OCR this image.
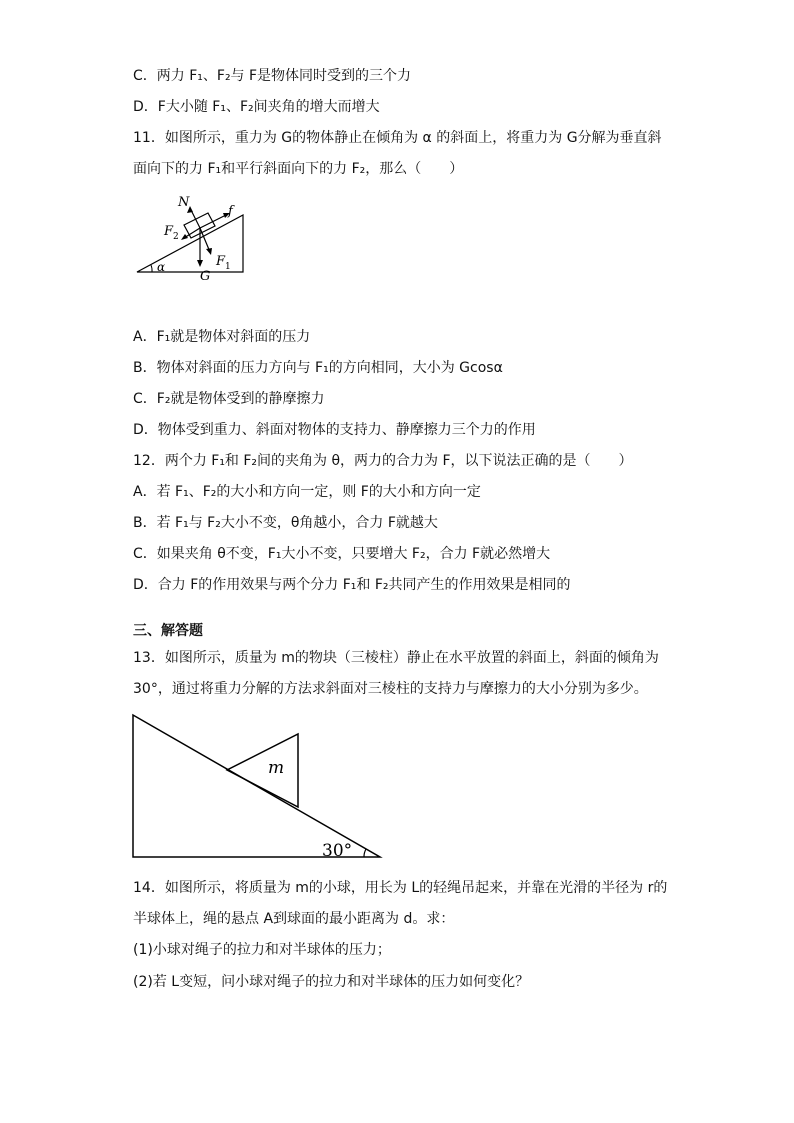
C．两力 F₁、F₂与 F是物体同时受到的三个力
D．F大小随 F₁、F₂间夹角的增大而增大
11．如图所示，重力为 G的物体静止在倾角为 α 的斜面上，将重力为 G分解为垂直斜
面向下的力 F₁和平行斜面向下的力 F₂，那么（　　）
N
f
F 2
F 1
G
α
A．F₁就是物体对斜面的压力
B．物体对斜面的压力方向与 F₁的方向相同，大小为 Gcosα
C．F₂就是物体受到的静摩擦力
D．物体受到重力、斜面对物体的支持力、静摩擦力三个力的作用
12．两个力 F₁和 F₂间的夹角为 θ，两力的合力为 F，以下说法正确的是（　　）
A．若 F₁、F₂的大小和方向一定，则 F的大小和方向一定
B．若 F₁与 F₂大小不变，θ角越小，合力 F就越大
C．如果夹角 θ不变，F₁大小不变，只要增大 F₂，合力 F就必然增大
D．合力 F的作用效果与两个分力 F₁和 F₂共同产生的作用效果是相同的
三、解答题
13．如图所示，质量为 m的物块（三棱柱）静止在水平放置的斜面上，斜面的倾角为
30°，通过将重力分解的方法求斜面对三棱柱的支持力与摩擦力的大小分别为多少。
m
30°
14．如图所示，将质量为 m的小球，用长为 L的轻绳吊起来，并靠在光滑的半径为 r的
半球体上，绳的悬点 A到球面的最小距离为 d。求：
(1)小球对绳子的拉力和对半球体的压力；
(2)若 L变短，问小球对绳子的拉力和对半球体的压力如何变化？
